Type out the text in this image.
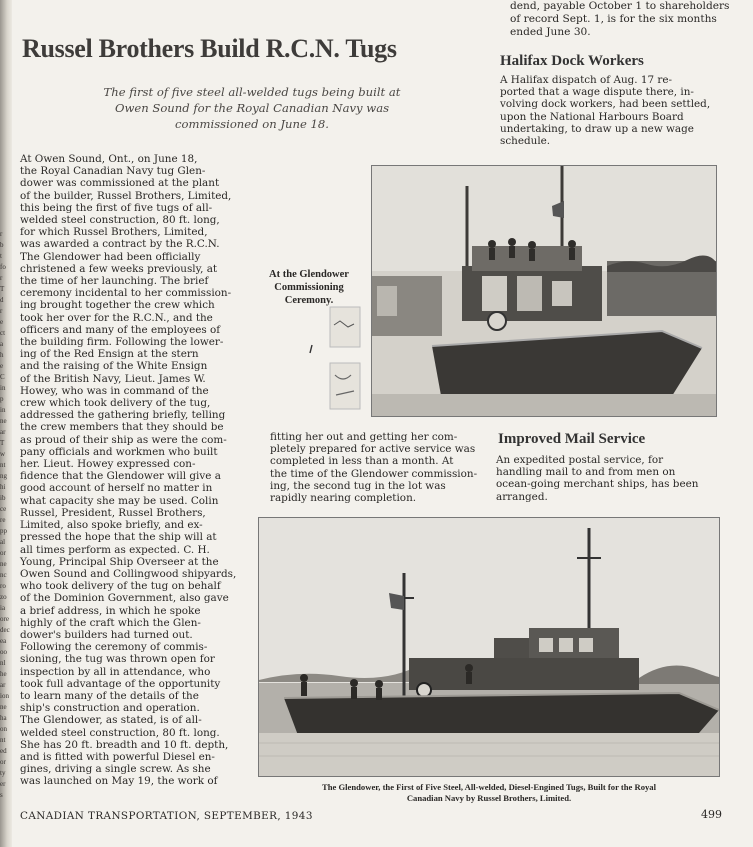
r
b
t
fo
r
T
d
r
e
ct
a
h
e
C
in
p
in
ne
ar
T
w
nt
ng
hi
ib
ce
re
pp
al
or
ne
nc
ro
zo
ia
ore
dec
ea
oo
nl
he
ar
ion
ne
ha
on
nt
ed
or
ty
er
s
dend, payable October 1 to shareholders
of record Sept. 1, is for the six months
ended June 30.
Russel Brothers Build R.C.N. Tugs
The first of five steel all-welded tugs being built at
Owen Sound for the Royal Canadian Navy was
commissioned on June 18.
At Owen Sound, Ont., on June 18,
the Royal Canadian Navy tug Glen-
dower was commissioned at the plant
of the builder, Russel Brothers, Limited,
this being the first of five tugs of all-
welded steel construction, 80 ft. long,
for which Russel Brothers, Limited,
was awarded a contract by the R.C.N.
The Glendower had been officially
christened a few weeks previously, at
the time of her launching. The brief
ceremony incidental to her commission-
ing brought together the crew which
took her over for the R.C.N., and the
officers and many of the employees of
the building firm. Following the lower-
ing of the Red Ensign at the stern
and the raising of the White Ensign
of the British Navy, Lieut. James W.
Howey, who was in command of the
crew which took delivery of the tug,
addressed the gathering briefly, telling
the crew members that they should be
as proud of their ship as were the com-
pany officials and workmen who built
her. Lieut. Howey expressed con-
fidence that the Glendower will give a
good account of herself no matter in
what capacity she may be used. Colin
Russel, President, Russel Brothers,
Limited, also spoke briefly, and ex-
pressed the hope that the ship will at
all times perform as expected. C. H.
Young, Principal Ship Overseer at the
Owen Sound and Collingwood shipyards,
who took delivery of the tug on behalf
of the Dominion Government, also gave
a brief address, in which he spoke
highly of the craft which the Glen-
dower's builders had turned out.
Following the ceremony of commis-
sioning, the tug was thrown open for
inspection by all in attendance, who
took full advantage of the opportunity
to learn many of the details of the
ship's construction and operation.
The Glendower, as stated, is of all-
welded steel construction, 80 ft. long.
She has 20 ft. breadth and 10 ft. depth,
and is fitted with powerful Diesel en-
gines, driving a single screw. As she
was launched on May 19, the work of
Halifax Dock Workers
A Halifax dispatch of Aug. 17 re-
ported that a wage dispute there, in-
volving dock workers, had been settled,
upon the National Harbours Board
undertaking, to draw up a new wage
schedule.
At the Glendower
Commissioning
Ceremony.
fitting her out and getting her com-
pletely prepared for active service was
completed in less than a month. At
the time of the Glendower commission-
ing, the second tug in the lot was
rapidly nearing completion.
Improved Mail Service
An expedited postal service, for
handling mail to and from men on
ocean-going merchant ships, has been
arranged.
The Glendower, the First of Five Steel, All-welded, Diesel-Engined Tugs, Built for the Royal
Canadian Navy by Russel Brothers, Limited.
CANADIAN TRANSPORTATION, SEPTEMBER, 1943	499
